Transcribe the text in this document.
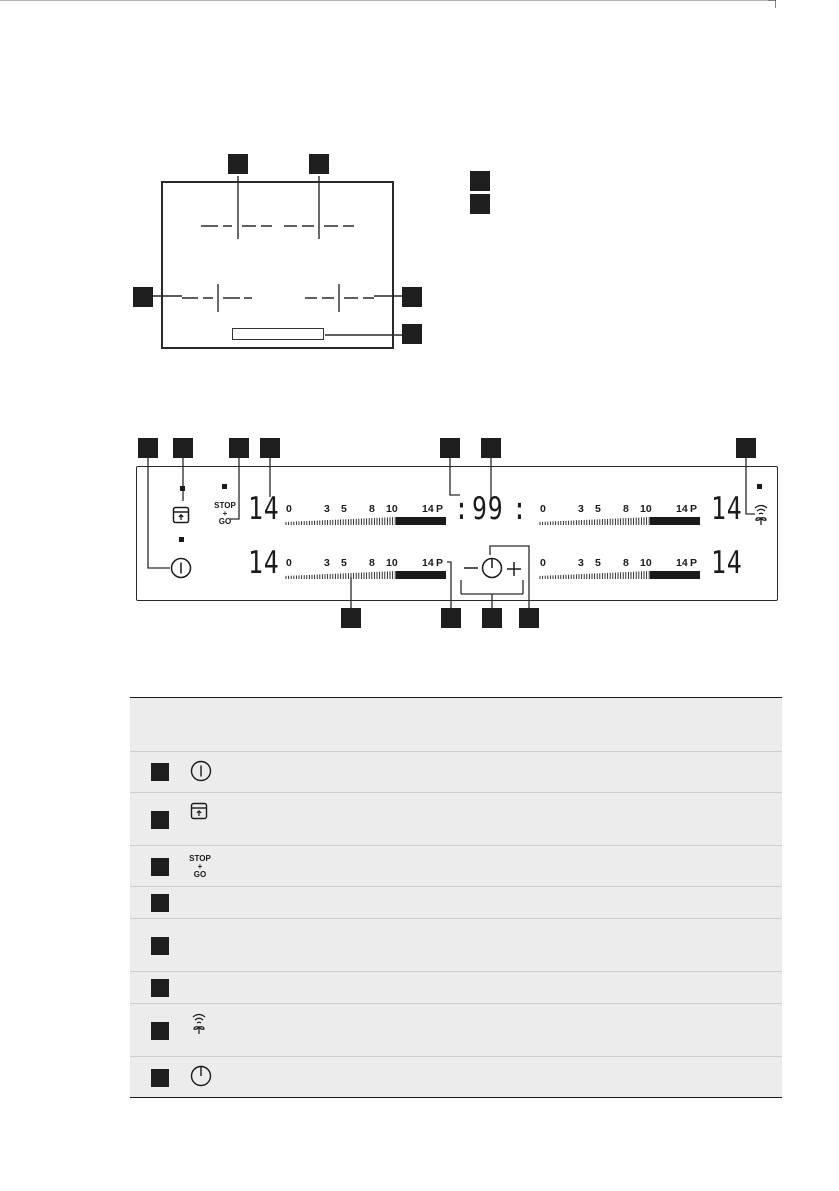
STOP
+
GO 14
14
14
14
: 99 :
0	3 5 8 10 14 P
0	3 5 8 10 14 P
0	3 5 8 10 14 P
0	3 5 8 10 14 P
STOP
+
GO
